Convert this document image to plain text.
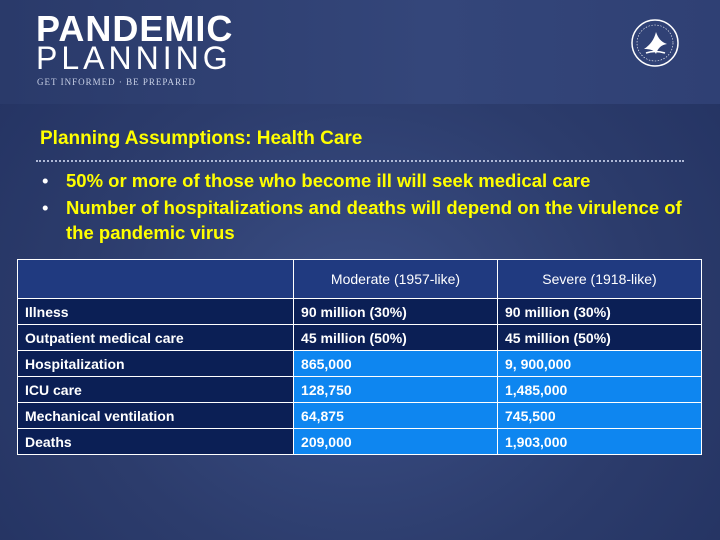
PANDEMIC
PLANNING
GET INFORMED · BE PREPARED
Planning Assumptions: Health Care
• 50% or more of those who become ill will seek medical care
• Number of hospitalizations and deaths will depend on the virulence of the pandemic virus
	Moderate (1957-like)	Severe (1918-like)
Illness	90 million (30%)	90 million (30%)
Outpatient medical care	45 million (50%)	45 million (50%)
Hospitalization	865,000	9, 900,000
ICU care	128,750	1,485,000
Mechanical ventilation	64,875	745,500
Deaths	209,000	1,903,000
